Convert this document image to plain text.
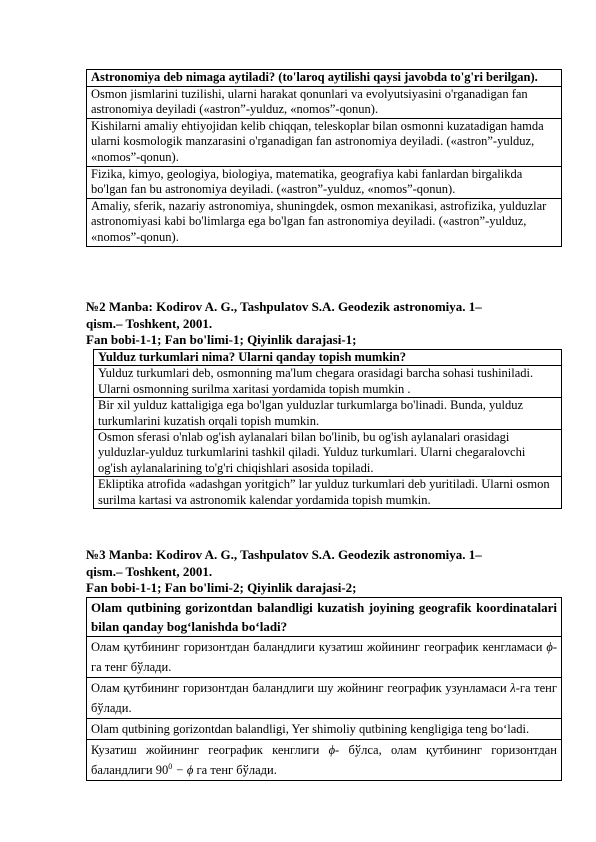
Astronomiya deb nimaga aytiladi? (to'laroq aytilishi qaysi javobda to'g'ri berilgan).
Osmon jismlarini tuzilishi, ularni harakat qonunlari va evolyutsiyasini o'rganadigan fan astronomiya deyiladi («astron”-yulduz, «nomos”-qonun).
Kishilarni amaliy ehtiyojidan kelib chiqqan, teleskoplar bilan osmonni kuzatadigan hamda ularni kosmologik manzarasini o'rganadigan fan astronomiya deyiladi. («astron”-yulduz, «nomos”-qonun).
Fizika, kimyo, geologiya, biologiya, matematika, geografiya kabi fanlardan birgalikda bo'lgan fan bu astronomiya deyiladi. («astron”-yulduz, «nomos”-qonun).
Amaliy, sferik, nazariy astronomiya, shuningdek, osmon mexanikasi, astrofizika, yulduzlar astronomiyasi kabi bo'limlarga ega bo'lgan fan astronomiya deyiladi. («astron”-yulduz, «nomos”-qonun).
№2 Manba: Kodirov A. G., Tashpulatov S.A. Geodezik astronomiya. 1–
qism.– Toshkent, 2001.
Fan bobi-1-1; Fan bo'limi-1; Qiyinlik darajasi-1;
Yulduz turkumlari nima? Ularni qanday topish mumkin?
Yulduz turkumlari deb, osmonning ma'lum chegara orasidagi barcha sohasi tushiniladi. Ularni osmonning surilma xaritasi yordamida topish mumkin .
Bir xil yulduz kattaligiga ega bo'lgan yulduzlar turkumlarga bo'linadi. Bunda, yulduz turkumlarini kuzatish orqali topish mumkin.
Osmon sferasi o'nlab og'ish aylanalari bilan bo'linib, bu og'ish aylanalari orasidagi yulduzlar-yulduz turkumlarini tashkil qiladi. Yulduz turkumlari. Ularni chegaralovchi og'ish aylanalarining to'g'ri chiqishlari asosida topiladi.
Ekliptika atrofida «adashgan yoritgich” lar yulduz turkumlari deb yuritiladi. Ularni osmon surilma kartasi va astronomik kalendar yordamida topish mumkin.
№3 Manba: Kodirov A. G., Tashpulatov S.A. Geodezik astronomiya. 1–
qism.– Toshkent, 2001.
Fan bobi-1-1; Fan bo'limi-2; Qiyinlik darajasi-2;
Olam qutbining gorizontdan balandligi kuzatish joyining geografik koordinatalari bilan qanday bog‘lanishda bo‘ladi?
Олам қутбининг горизонтдан баландлиги кузатиш жойининг географик кенгламаси ϕ-га тенг бўлади.
Олам қутбининг горизонтдан баландлиги шу жойнинг географик узунламаси λ-га тенг бўлади.
Olam qutbining gorizontdan balandligi, Yer shimoliy qutbining kengligiga teng bo‘ladi.
Кузатиш жойининг географик кенглиги ϕ- бўлса, олам қутбининг горизонтдан баландлиги $90^0 - \phi$ га тенг бўлади.
